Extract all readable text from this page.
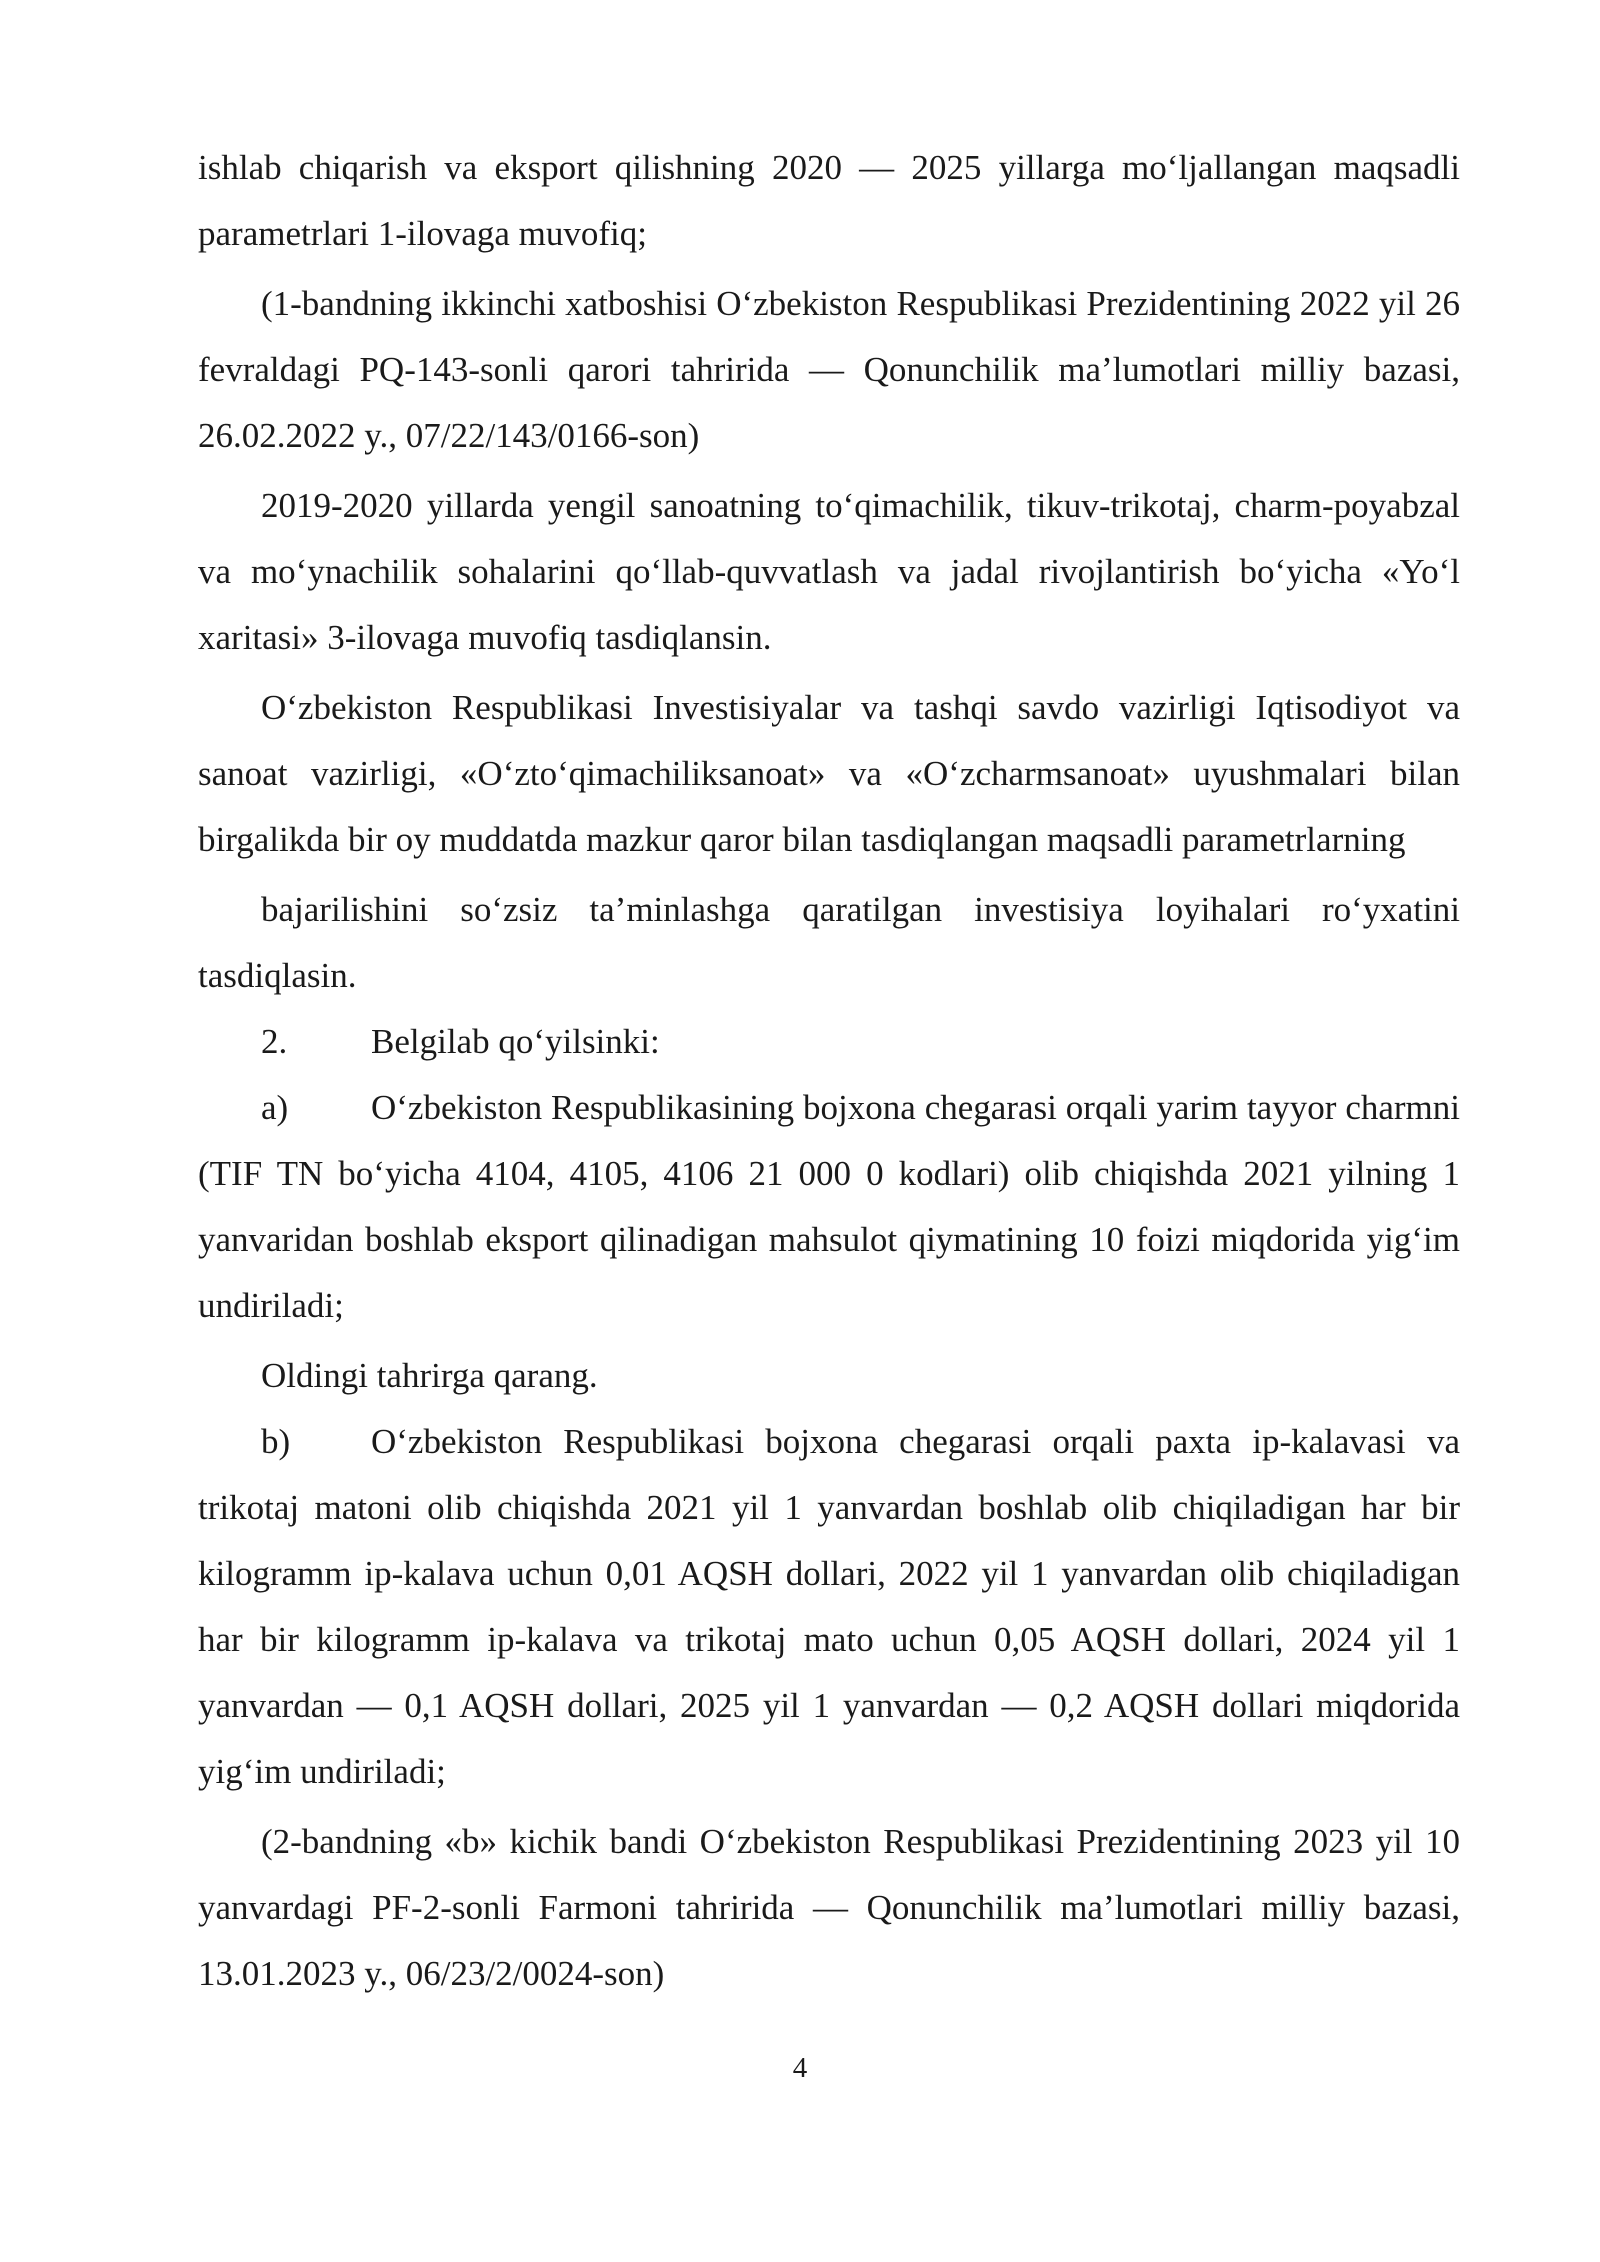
ishlab chiqarish va eksport qilishning 2020 — 2025 yillarga mo‘ljallangan maqsadli parametrlari 1-ilovaga muvofiq;

(1-bandning ikkinchi xatboshisi O‘zbekiston Respublikasi Prezidentining 2022 yil 26 fevraldagi PQ-143-sonli qarori tahririda — Qonunchilik ma’lumotlari milliy bazasi, 26.02.2022 y., 07/22/143/0166-son)

2019-2020 yillarda yengil sanoatning to‘qimachilik, tikuv-trikotaj, charm-poyabzal va mo‘ynachilik sohalarini qo‘llab-quvvatlash va jadal rivojlantirish bo‘yicha «Yo‘l xaritasi» 3-ilovaga muvofiq tasdiqlansin.

O‘zbekiston Respublikasi Investisiyalar va tashqi savdo vazirligi Iqtisodiyot va sanoat vazirligi, «O‘zto‘qimachiliksanoat» va «O‘zcharmsanoat» uyushmalari bilan birgalikda bir oy muddatda mazkur qaror bilan tasdiqlangan maqsadli parametrlarning

bajarilishini so‘zsiz ta’minlashga qaratilgan investisiya loyihalari ro‘yxatini tasdiqlasin.

2. Belgilab qo‘yilsinki:

a) O‘zbekiston Respublikasining bojxona chegarasi orqali yarim tayyor charmni (TIF TN bo‘yicha 4104, 4105, 4106 21 000 0 kodlari) olib chiqishda 2021 yilning 1 yanvaridan boshlab eksport qilinadigan mahsulot qiymatining 10 foizi miqdorida yig‘im undiriladi;

Oldingi tahrirga qarang.

b) O‘zbekiston Respublikasi bojxona chegarasi orqali paxta ip-kalavasi va trikotaj matoni olib chiqishda 2021 yil 1 yanvardan boshlab olib chiqiladigan har bir kilogramm ip-kalava uchun 0,01 AQSH dollari, 2022 yil 1 yanvardan olib chiqiladigan har bir kilogramm ip-kalava va trikotaj mato uchun 0,05 AQSH dollari, 2024 yil 1 yanvardan — 0,1 AQSH dollari, 2025 yil 1 yanvardan — 0,2 AQSH dollari miqdorida yig‘im undiriladi;

(2-bandning «b» kichik bandi O‘zbekiston Respublikasi Prezidentining 2023 yil 10 yanvardagi PF-2-sonli Farmoni tahririda — Qonunchilik ma’lumotlari milliy bazasi, 13.01.2023 y., 06/23/2/0024-son)

4
